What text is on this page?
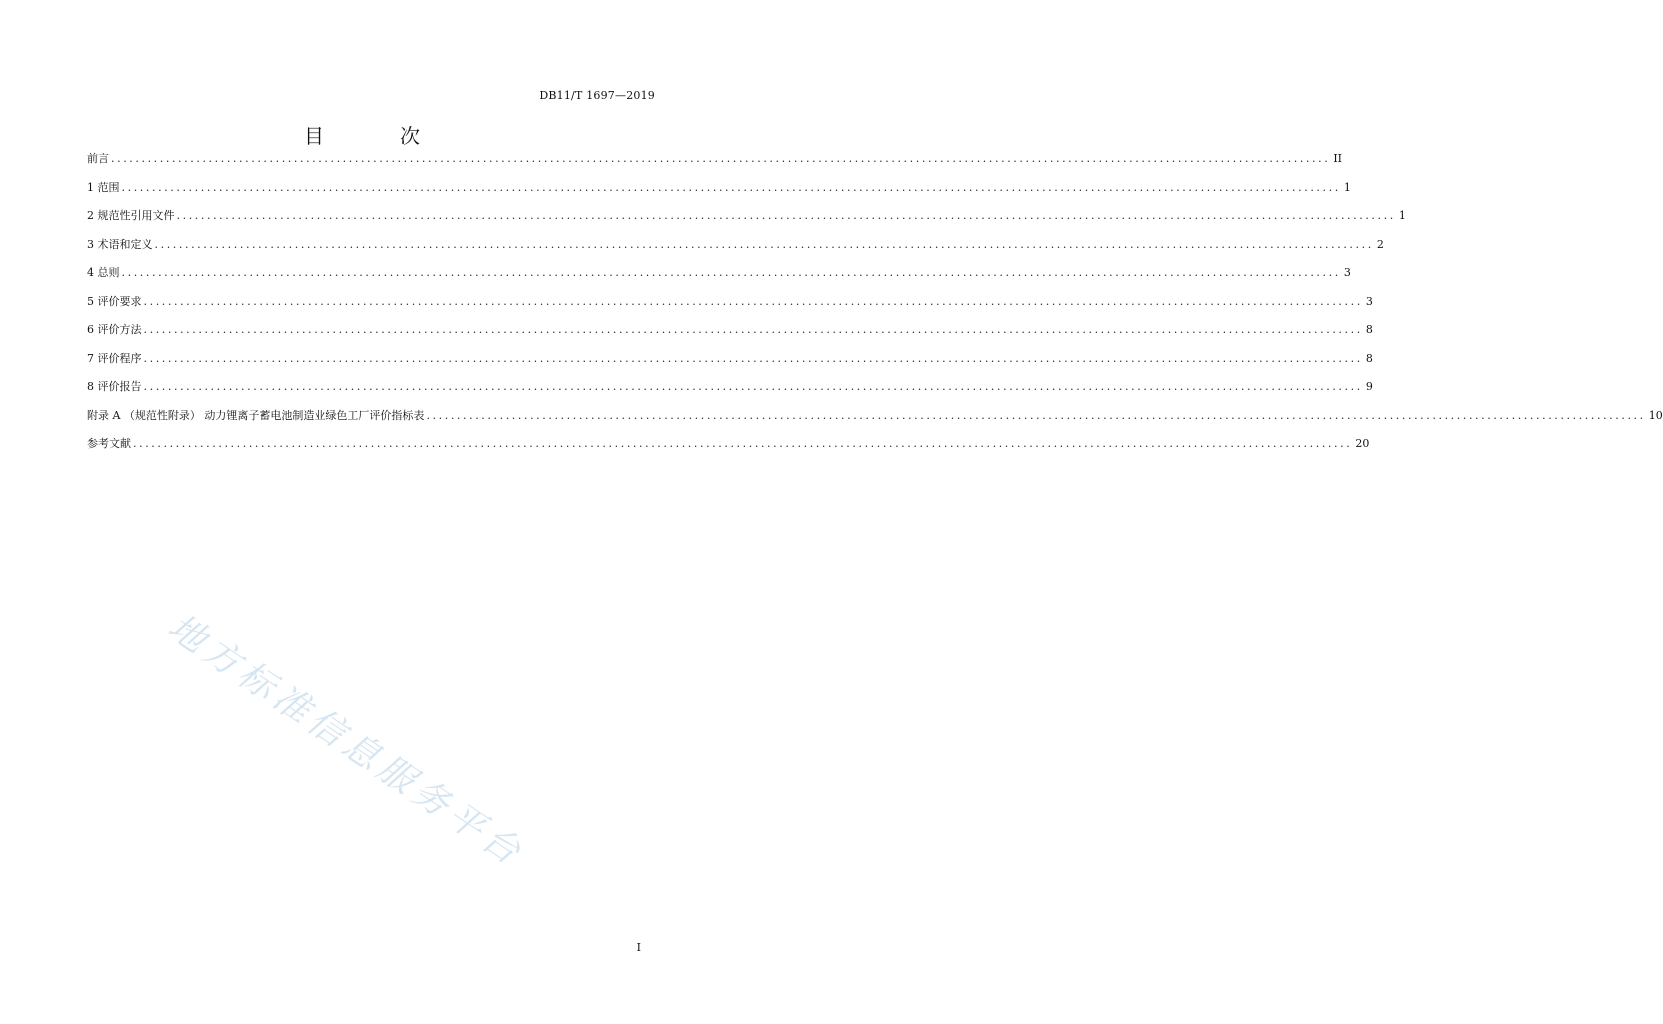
DB11/T 1697—2019
目　次
前言 ........................................................................................................................................................................................................ II
1 范围 ........................................................................................................................................................................................................ 1
2 规范性引用文件 ........................................................................................................................................................................................................ 1
3 术语和定义 ........................................................................................................................................................................................................ 2
4 总则 ........................................................................................................................................................................................................ 3
5 评价要求 ........................................................................................................................................................................................................ 3
6 评价方法 ........................................................................................................................................................................................................ 8
7 评价程序 ........................................................................................................................................................................................................ 8
8 评价报告 ........................................................................................................................................................................................................ 9
附录 A （规范性附录） 动力锂离子蓄电池制造业绿色工厂评价指标表 ........................................................................................................................................................................................................ 10
参考文献 ........................................................................................................................................................................................................ 20
地方标准信息服务平台
I
